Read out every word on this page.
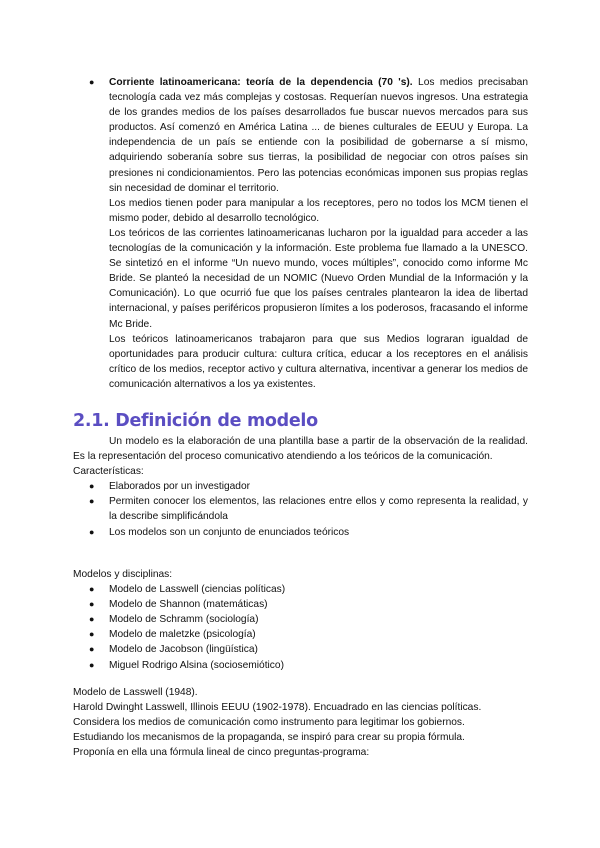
● Corriente latinoamericana: teoría de la dependencia (70 's). Los medios precisaban tecnología cada vez más complejas y costosas. Requerían nuevos ingresos. Una estrategia de los grandes medios de los países desarrollados fue buscar nuevos mercados para sus productos. Así comenzó en América Latina ... de bienes culturales de EEUU y Europa. La independencia de un país se entiende con la posibilidad de gobernarse a sí mismo, adquiriendo soberanía sobre sus tierras, la posibilidad de negociar con otros países sin presiones ni condicionamientos. Pero las potencias económicas imponen sus propias reglas sin necesidad de dominar el territorio.

Los medios tienen poder para manipular a los receptores, pero no todos los MCM tienen el mismo poder, debido al desarrollo tecnológico.

Los teóricos de las corrientes latinoamericanas lucharon por la igualdad para acceder a las tecnologías de la comunicación y la información. Este problema fue llamado a la UNESCO. Se sintetizó en el informe “Un nuevo mundo, voces múltiples”, conocido como informe Mc Bride. Se planteó la necesidad de un NOMIC (Nuevo Orden Mundial de la Información y la Comunicación). Lo que ocurrió fue que los países centrales plantearon la idea de libertad internacional, y países periféricos propusieron límites a los poderosos, fracasando el informe Mc Bride.

Los teóricos latinoamericanos trabajaron para que sus Medios lograran igualdad de oportunidades para producir cultura: cultura crítica, educar a los receptores en el análisis crítico de los medios, receptor activo y cultura alternativa, incentivar a generar los medios de comunicación alternativos a los ya existentes.

2.1. Definición de modelo

Un modelo es la elaboración de una plantilla base a partir de la observación de la realidad. Es la representación del proceso comunicativo atendiendo a los teóricos de la comunicación.

Características:

● Elaborados por un investigador
● Permiten conocer los elementos, las relaciones entre ellos y como representa la realidad, y la describe simplificándola
● Los modelos son un conjunto de enunciados teóricos

Modelos y disciplinas:

● Modelo de Lasswell (ciencias políticas)
● Modelo de Shannon (matemáticas)
● Modelo de Schramm (sociología)
● Modelo de maletzke (psicología)
● Modelo de Jacobson (lingüística)
● Miguel Rodrigo Alsina (sociosemiótico)

Modelo de Lasswell (1948).

Harold Dwinght Lasswell, Illinois EEUU (1902-1978). Encuadrado en las ciencias políticas.

Considera los medios de comunicación como instrumento para legitimar los gobiernos.

Estudiando los mecanismos de la propaganda, se inspiró para crear su propia fórmula.

Proponía en ella una fórmula lineal de cinco preguntas-programa:
